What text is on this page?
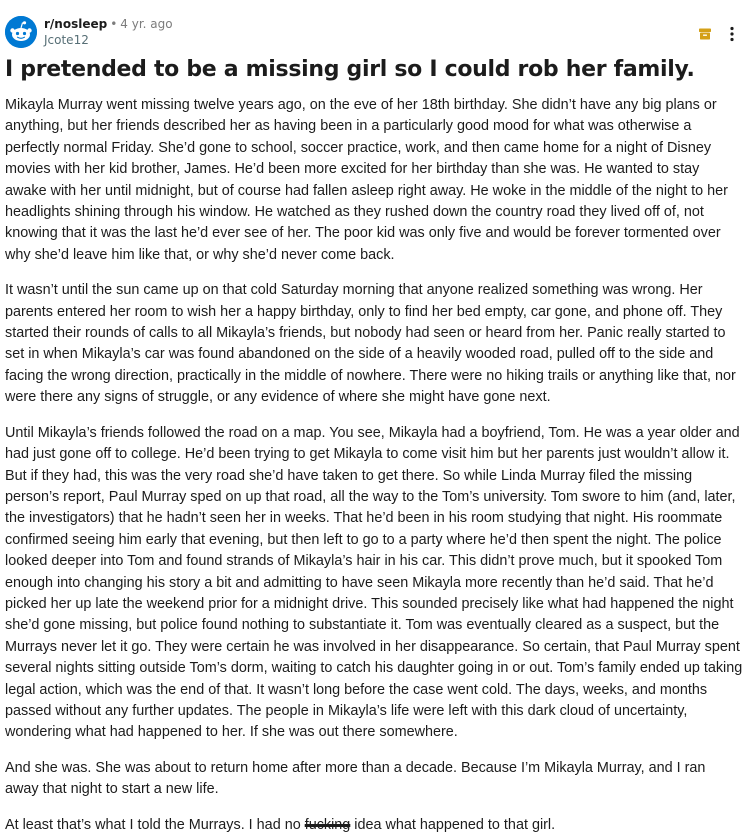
r/nosleep • 4 yr. ago
Jcote12
I pretended to be a missing girl so I could rob her family.

Mikayla Murray went missing twelve years ago, on the eve of her 18th birthday. She didn’t have any big plans or anything, but her friends described her as having been in a particularly good mood for what was otherwise a perfectly normal Friday. She’d gone to school, soccer practice, work, and then came home for a night of Disney movies with her kid brother, James. He’d been more excited for her birthday than she was. He wanted to stay awake with her until midnight, but of course had fallen asleep right away. He woke in the middle of the night to her headlights shining through his window. He watched as they rushed down the country road they lived off of, not knowing that it was the last he’d ever see of her. The poor kid was only five and would be forever tormented over why she’d leave him like that, or why she’d never come back.

It wasn’t until the sun came up on that cold Saturday morning that anyone realized something was wrong. Her parents entered her room to wish her a happy birthday, only to find her bed empty, car gone, and phone off. They started their rounds of calls to all Mikayla’s friends, but nobody had seen or heard from her. Panic really started to set in when Mikayla’s car was found abandoned on the side of a heavily wooded road, pulled off to the side and facing the wrong direction, practically in the middle of nowhere. There were no hiking trails or anything like that, nor were there any signs of struggle, or any evidence of where she might have gone next.

Until Mikayla’s friends followed the road on a map. You see, Mikayla had a boyfriend, Tom. He was a year older and had just gone off to college. He’d been trying to get Mikayla to come visit him but her parents just wouldn’t allow it. But if they had, this was the very road she’d have taken to get there. So while Linda Murray filed the missing person’s report, Paul Murray sped on up that road, all the way to the Tom’s university. Tom swore to him (and, later, the investigators) that he hadn’t seen her in weeks. That he’d been in his room studying that night. His roommate confirmed seeing him early that evening, but then left to go to a party where he’d then spent the night. The police looked deeper into Tom and found strands of Mikayla’s hair in his car. This didn’t prove much, but it spooked Tom enough into changing his story a bit and admitting to have seen Mikayla more recently than he’d said. That he’d picked her up late the weekend prior for a midnight drive. This sounded precisely like what had happened the night she’d gone missing, but police found nothing to substantiate it. Tom was eventually cleared as a suspect, but the Murrays never let it go. They were certain he was involved in her disappearance. So certain, that Paul Murray spent several nights sitting outside Tom’s dorm, waiting to catch his daughter going in or out. Tom’s family ended up taking legal action, which was the end of that. It wasn’t long before the case went cold. The days, weeks, and months passed without any further updates. The people in Mikayla’s life were left with this dark cloud of uncertainty, wondering what had happened to her. If she was out there somewhere.

And she was. She was about to return home after more than a decade. Because I’m Mikayla Murray, and I ran away that night to start a new life.

At least that’s what I told the Murrays. I had no fucking idea what happened to that girl.
